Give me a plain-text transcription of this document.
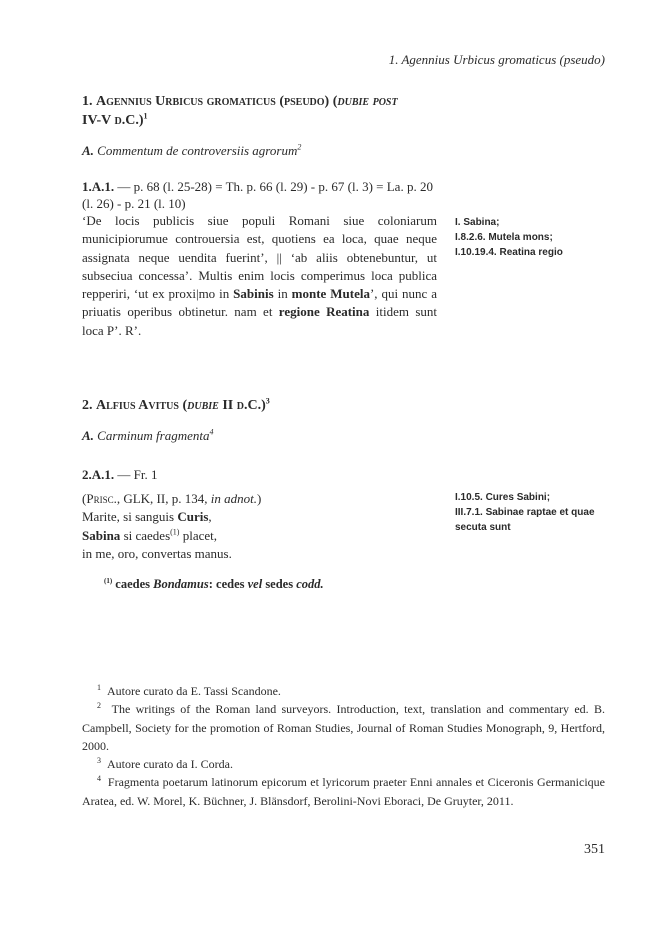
1. Agennius Urbicus gromaticus (pseudo)
1. Agennius Urbicus gromaticus (pseudo) (dubie post
IV-V d.C.)$^1$
A. Commentum de controversiis agrorum$^2$
1.A.1. — p. 68 (l. 25-28) = Th. p. 66 (l. 29) - p. 67 (l. 3) = La. p. 20 (l. 26) - p. 21 (l. 10)

‘De locis publicis siue populi Romani siue coloniarum municipiorumue controuersia est, quotiens ea loca, quae neque assignata neque uendita fuerint’, || ‘ab aliis obtenebuntur, ut subseciua concessa’. Multis enim locis comperimus loca publica repperiri, ‘ut ex proxi|mo in Sabinis in monte Mutela’, qui nunc a priuatis operibus obtinetur. nam et regione Reatina itidem sunt loca P’. R’.

I. Sabina;
I.8.2.6. Mutela mons;
I.10.19.4. Reatina regio
2. Alfius Avitus (dubie II d.C.)$^3$
A. Carminum fragmenta$^4$
2.A.1. — Fr. 1
(Prisc., GLK, II, p. 134, in adnot.)
Marite, si sanguis Curis,
Sabina si caedes$^{(1)}$ placet,
in me, oro, convertas manus.
I.10.5. Cures Sabini;
III.7.1. Sabinae raptae et quae
secuta sunt
$^{(1)}$ caedes Bondamus: cedes vel sedes codd.

$^1$ Autore curato da E. Tassi Scandone.

$^2$ The writings of the Roman land surveyors. Introduction, text, translation and commentary ed. B. Campbell, Society for the promotion of Roman Studies, Journal of Roman Studies Monograph, 9, Hertford, 2000.

$^3$ Autore curato da I. Corda.

$^4$ Fragmenta poetarum latinorum epicorum et lyricorum praeter Enni annales et Ciceronis Germanicique Aratea, ed. W. Morel, K. Büchner, J. Blänsdorf, Berolini-Novi Eboraci, De Gruyter, 2011.

351
